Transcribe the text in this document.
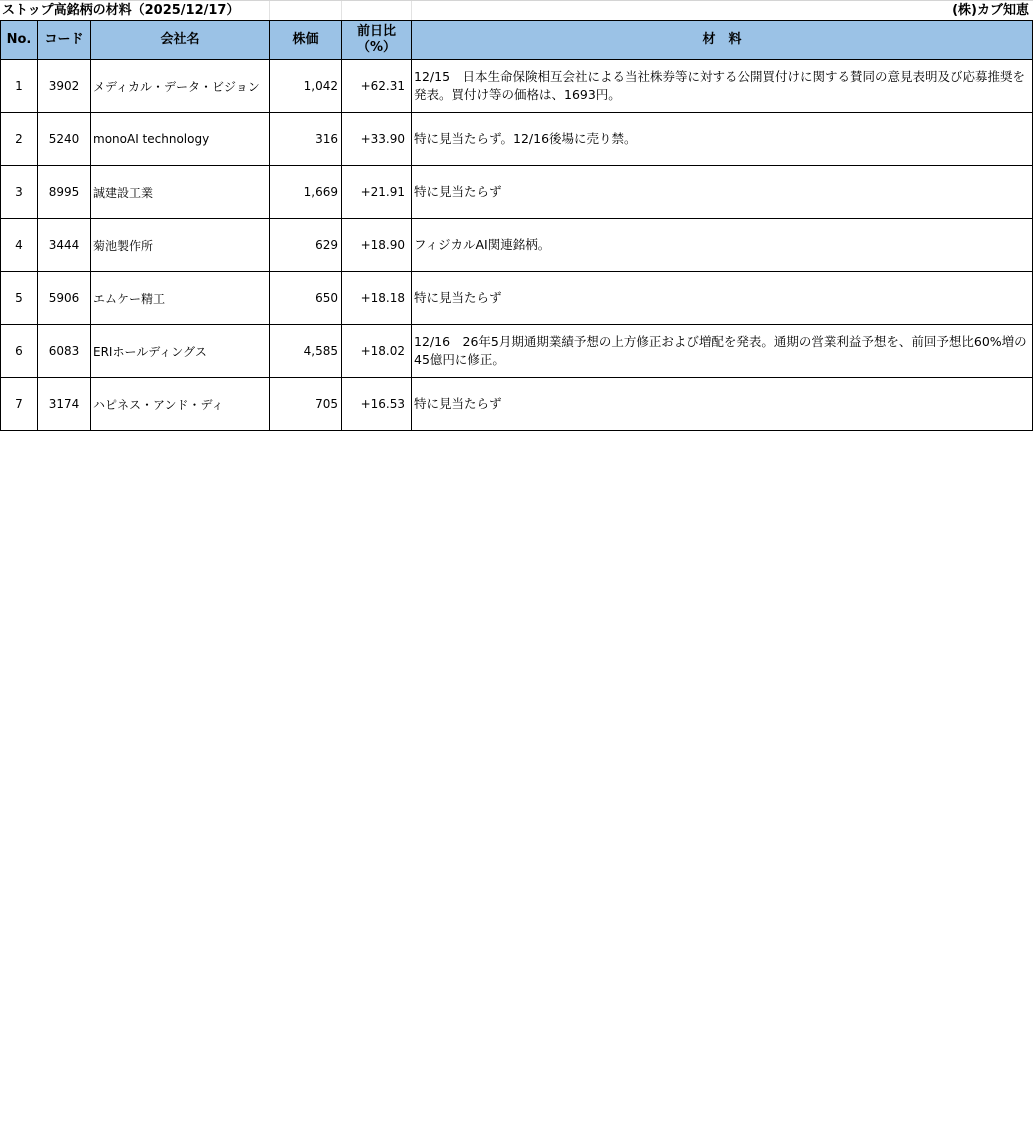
ストップ高銘柄の材料（2025/12/17）	(株)カブ知恵
No.	コード	会社名	株価	前日比（%）	材　料
1	3902	メディカル・データ・ビジョン	1,042	+62.31	12/15　日本生命保険相互会社による当社株券等に対する公開買付けに関する賛同の意見表明及び応募推奨を発表。買付け等の価格は、1693円。
2	5240	monoAI technology	316	+33.90	特に見当たらず。12/16後場に売り禁。
3	8995	誠建設工業	1,669	+21.91	特に見当たらず
4	3444	菊池製作所	629	+18.90	フィジカルAI関連銘柄。
5	5906	エムケー精工	650	+18.18	特に見当たらず
6	6083	ERIホールディングス	4,585	+18.02	12/16　26年5月期通期業績予想の上方修正および増配を発表。通期の営業利益予想を、前回予想比60%増の45億円に修正。
7	3174	ハピネス・アンド・ディ	705	+16.53	特に見当たらず
